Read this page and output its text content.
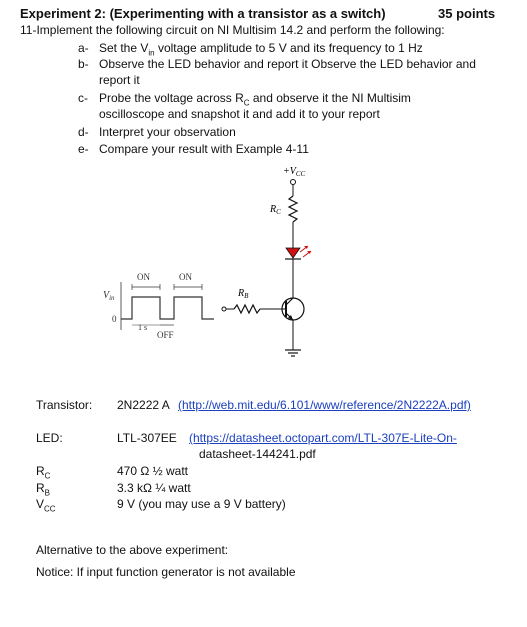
Experiment 2: (Experimenting with a transistor as a switch)	35 points
11-Implement the following circuit on NI Multisim 14.2 and perform the following:
a- Set the $V_{in}$ voltage amplitude to 5 V and its frequency to 1 Hz
b- Observe the LED behavior and report it Observe the LED behavior and
report it
c- Probe the voltage across $R_C$ and observe it the NI Multisim
oscilloscope and snapshot it and add it to your report
d- Interpret your observation
e- Compare your result with Example 4-11
$+V_{CC}$
$R_C$
$R_B$
$V_{in}$
0
ON	ON
OFF
1 s
Transistor: 2N2222 A (http://web.mit.edu/6.101/www/reference/2N2222A.pdf)
LED:	LTL-307EE (https://datasheet.octopart.com/LTL-307E-Lite-On-
datasheet-144241.pdf
$R_C$	470 Ω ½ watt
$R_B$	3.3 kΩ ¼ watt
$V_{CC}$	9 V (you may use a 9 V battery)
Alternative to the above experiment:
Notice: If input function generator is not available
